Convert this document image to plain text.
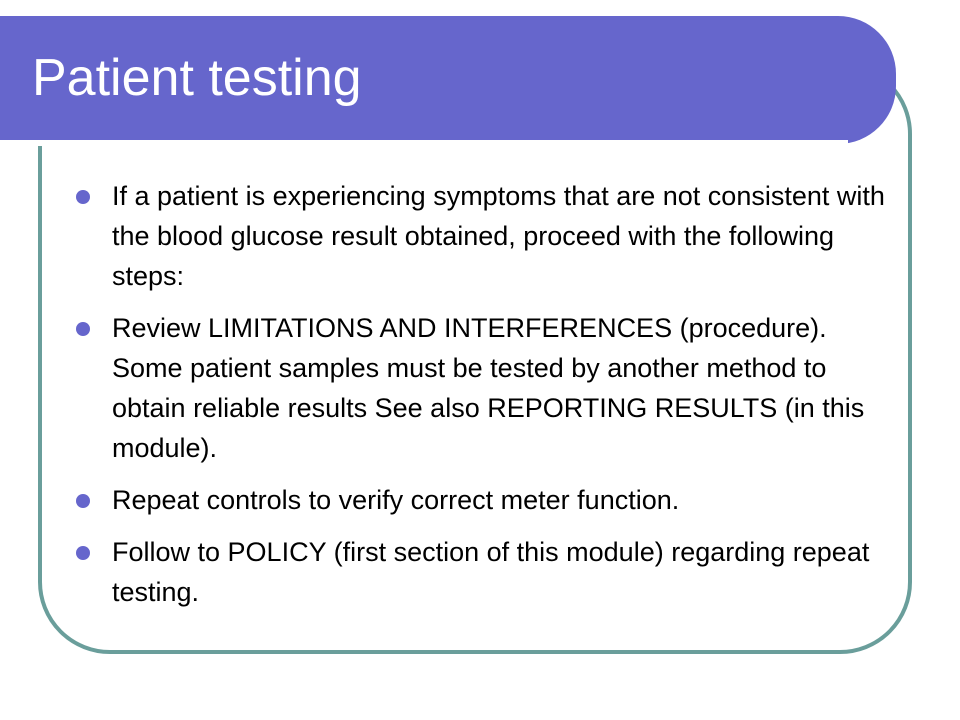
Patient testing
If a patient is experiencing symptoms that are not consistent with the blood glucose result obtained, proceed with the following steps:
Review LIMITATIONS AND INTERFERENCES (procedure). Some patient samples must be tested by another method to obtain reliable results See also REPORTING RESULTS (in this module).
Repeat controls to verify correct meter function.
Follow to POLICY (first section of this module) regarding repeat testing.
